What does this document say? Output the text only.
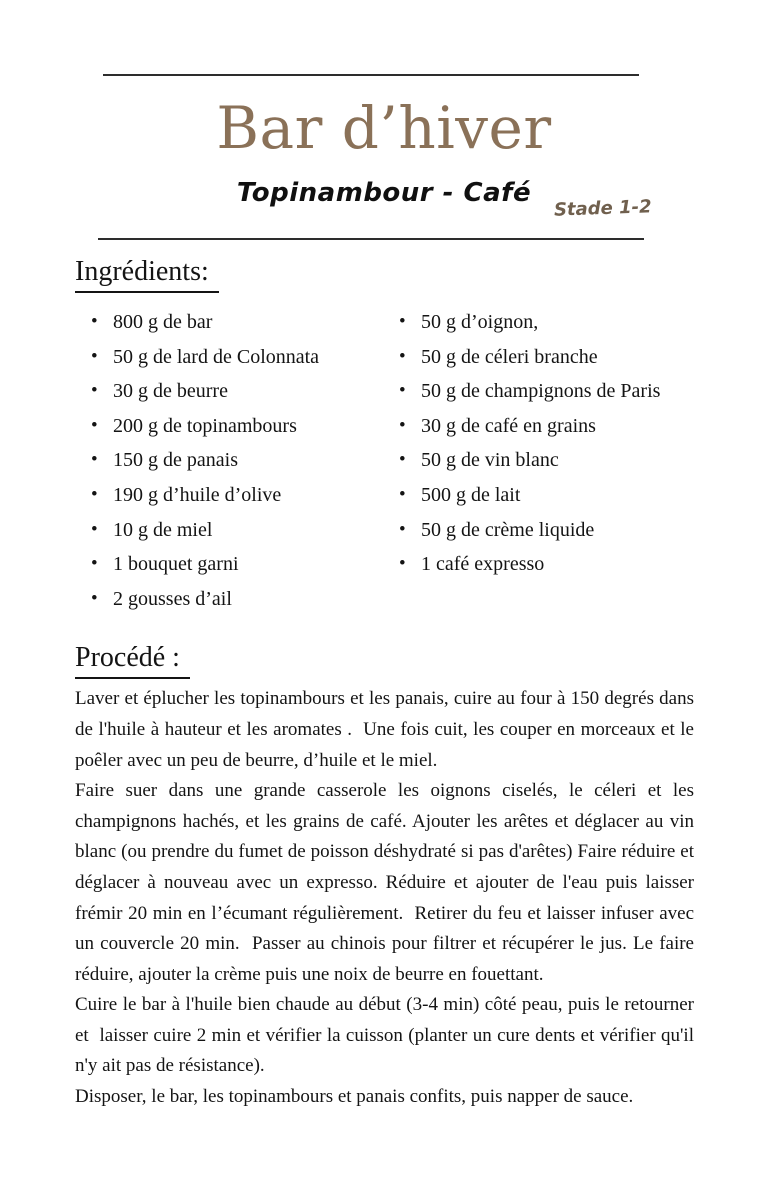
Bar d’hiver
Topinambour - Café
Stade 1-2
Ingrédients:
• 800 g de bar
• 50 g de lard de Colonnata
• 30 g de beurre
• 200 g de topinambours
• 150 g de panais
• 190 g d’huile d’olive
• 10 g de miel
• 1 bouquet garni
• 2 gousses d’ail
• 50 g d’oignon,
• 50 g de céleri branche
• 50 g de champignons de Paris
• 30 g de café en grains
• 50 g de vin blanc
• 500 g de lait
• 50 g de crème liquide
• 1 café expresso
Procédé :

Laver et éplucher les topinambours et les panais, cuire au four à 150 degrés dans de l'huile à hauteur et les aromates .  Une fois cuit, les couper en morceaux et le poêler avec un peu de beurre, d’huile et le miel.

Faire suer dans une grande casserole les oignons ciselés, le céleri et les champignons hachés, et les grains de café. Ajouter les arêtes et déglacer au vin blanc (ou prendre du fumet de poisson déshydraté si pas d'arêtes) Faire réduire et déglacer à nouveau avec un expresso. Réduire et ajouter de l'eau puis laisser frémir 20 min en l’écumant régulièrement.  Retirer du feu et laisser infuser avec un couvercle 20 min.  Passer au chinois pour filtrer et récupérer le jus. Le faire réduire, ajouter la crème puis une noix de beurre en fouettant.

Cuire le bar à l'huile bien chaude au début (3-4 min) côté peau, puis le retourner et  laisser cuire 2 min et vérifier la cuisson (planter un cure dents et vérifier qu'il n'y ait pas de résistance).

Disposer, le bar, les topinambours et panais confits, puis napper de sauce.
